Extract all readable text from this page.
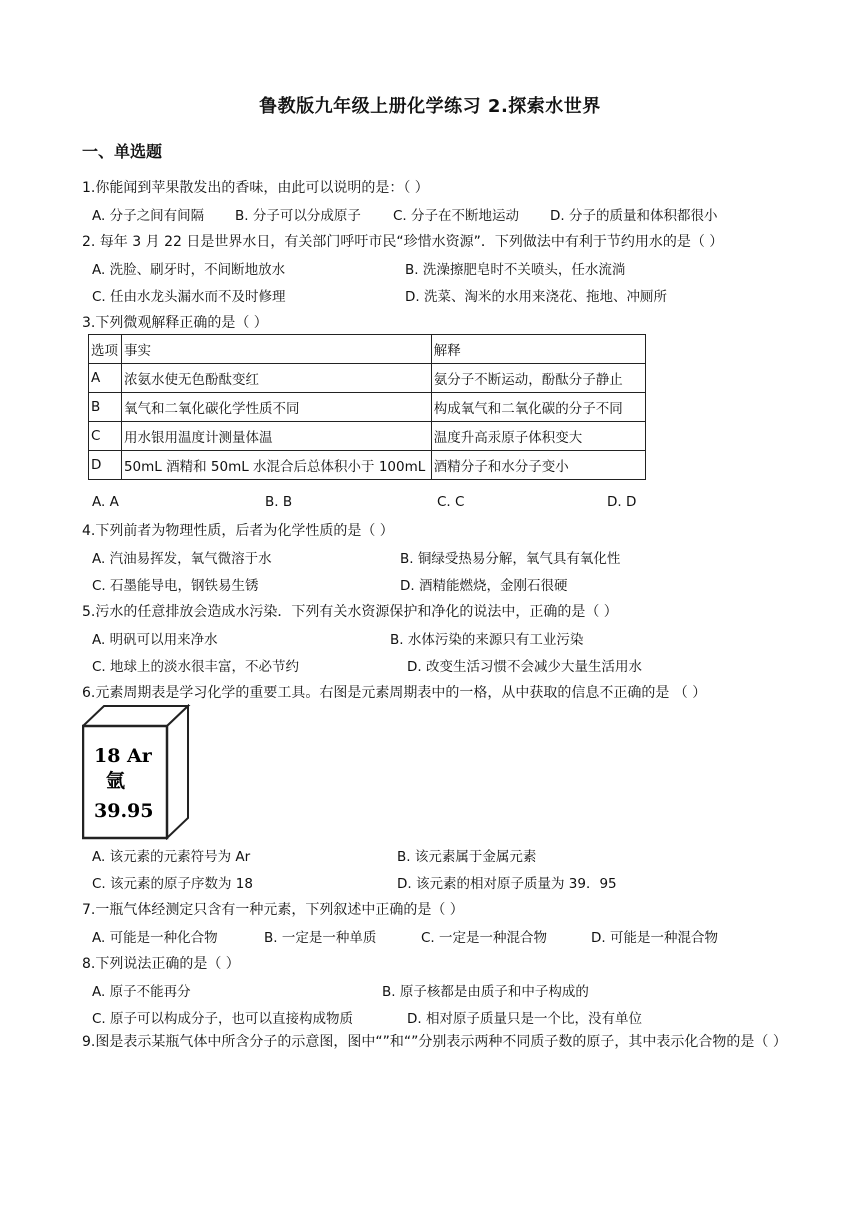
鲁教版九年级上册化学练习 2.探索水世界
一、单选题
1.你能闻到苹果散发出的香味，由此可以说明的是：（ ）
A. 分子之间有间隔 B. 分子可以分成原子 C. 分子在不断地运动 D. 分子的质量和体积都很小
2. 每年 3 月 22 日是世界水日，有关部门呼吁市民“珍惜水资源”．下列做法中有利于节约用水的是（ ）
A. 洗脸、刷牙时，不间断地放水	B. 洗澡擦肥皂时不关喷头，任水流淌
C. 任由水龙头漏水而不及时修理	D. 洗菜、淘米的水用来浇花、拖地、冲厕所
3.下列微观解释正确的是（ ）
选项	事实	解释
A	浓氨水使无色酚酞变红	氨分子不断运动，酚酞分子静止
B	氧气和二氧化碳化学性质不同	构成氧气和二氧化碳的分子不同
C	用水银用温度计测量体温	温度升高汞原子体积变大
D	50mL 酒精和 50mL 水混合后总体积小于 100mL	酒精分子和水分子变小
A. A	B. B	C. C	D. D
4.下列前者为物理性质，后者为化学性质的是（ ）
A. 汽油易挥发，氧气微溶于水	B. 铜绿受热易分解，氧气具有氧化性
C. 石墨能导电，钢铁易生锈	D. 酒精能燃烧，金刚石很硬
5.污水的任意排放会造成水污染．下列有关水资源保护和净化的说法中，正确的是（ ）
A. 明矾可以用来净水	B. 水体污染的来源只有工业污染
C. 地球上的淡水很丰富，不必节约	D. 改变生活习惯不会减少大量生活用水
6.元素周期表是学习化学的重要工具。右图是元素周期表中的一格，从中获取的信息不正确的是 （ ）
18 Ar
氩
39.95
A. 该元素的元素符号为 Ar	B. 该元素属于金属元素
C. 该元素的原子序数为 18	D. 该元素的相对原子质量为 39．95
7.一瓶气体经测定只含有一种元素，下列叙述中正确的是（ ）
A. 可能是一种化合物	B. 一定是一种单质	C. 一定是一种混合物	D. 可能是一种混合物
8.下列说法正确的是（ ）
A. 原子不能再分	B. 原子核都是由质子和中子构成的
C. 原子可以构成分子，也可以直接构成物质	D. 相对原子质量只是一个比，没有单位
9.图是表示某瓶气体中所含分子的示意图，图中“”和“”分别表示两种不同质子数的原子，其中表示化合物的是（ ）
